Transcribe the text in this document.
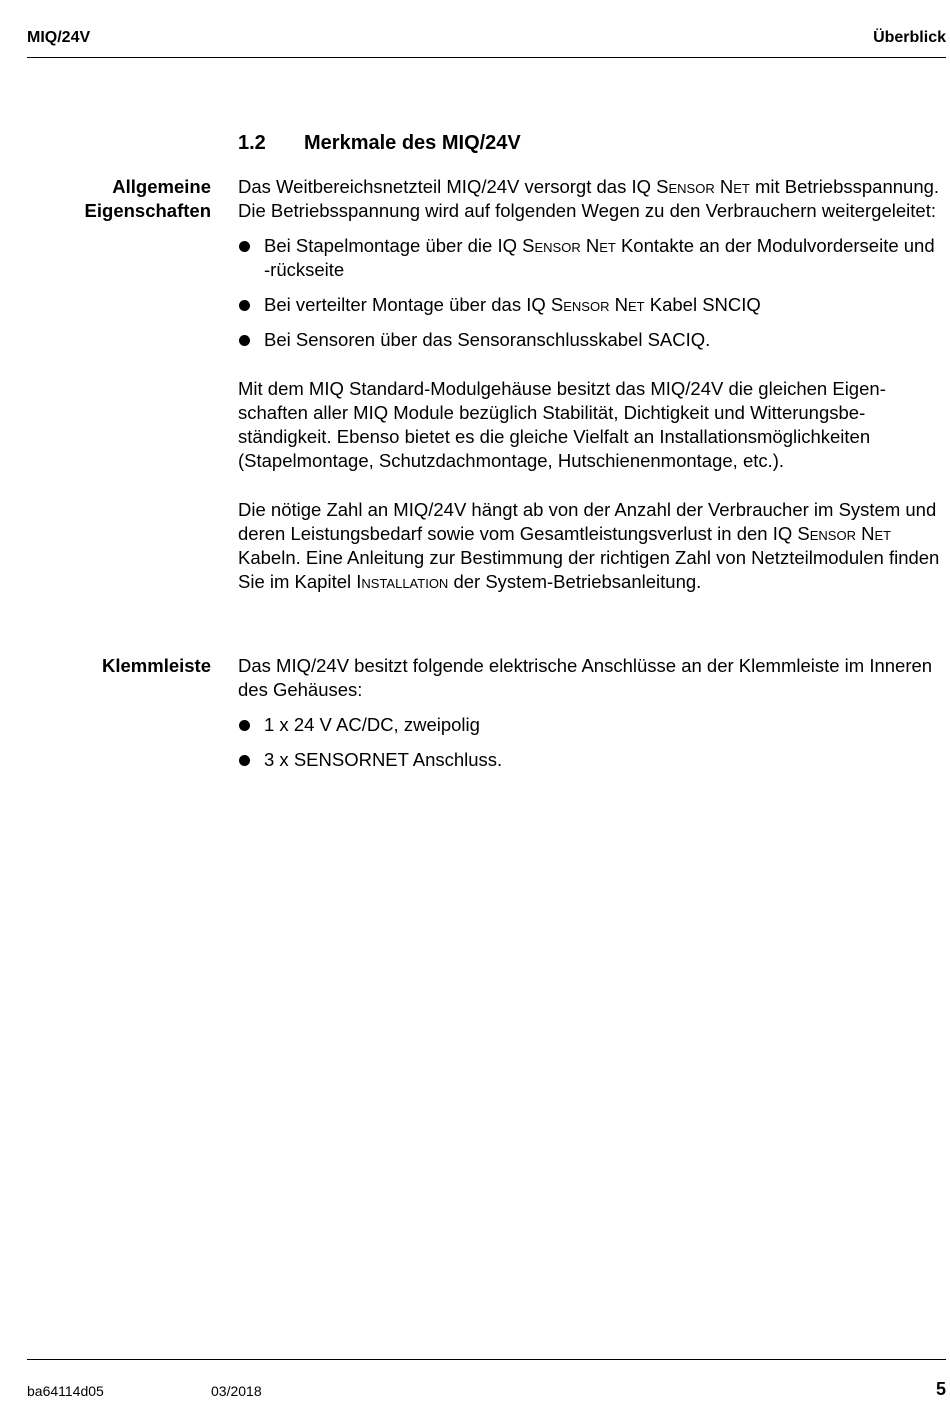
MIQ/24V	Überblick
1.2 Merkmale des MIQ/24V
Allgemeine
Eigenschaften

Das Weitbereichsnetzteil MIQ/24V versorgt das IQ Sensor Net mit Betriebsspannung. Die Betriebsspannung wird auf folgenden Wegen zu den Verbrauchern weitergeleitet:

Bei Stapelmontage über die IQ Sensor Net Kontakte an der Modulvorderseite und -rückseite
Bei verteilter Montage über das IQ Sensor Net Kabel SNCIQ
Bei Sensoren über das Sensoranschlusskabel SACIQ.

Mit dem MIQ Standard-Modulgehäuse besitzt das MIQ/24V die gleichen Eigenschaften aller MIQ Module bezüglich Stabilität, Dichtigkeit und Witterungsbeständigkeit. Ebenso bietet es die gleiche Vielfalt an Installationsmöglichkeiten (Stapelmontage, Schutzdachmontage, Hutschienenmontage, etc.).

Die nötige Zahl an MIQ/24V hängt ab von der Anzahl der Verbraucher im System und deren Leistungsbedarf sowie vom Gesamtleistungsverlust in den IQ Sensor Net Kabeln. Eine Anleitung zur Bestimmung der richtigen Zahl von Netzteilmodulen finden Sie im Kapitel Installation der System-Betriebsanleitung.

Klemmleiste Das MIQ/24V besitzt folgende elektrische Anschlüsse an der Klemmleiste im Inneren des Gehäuses:

1 x 24 V AC/DC, zweipolig
3 x SENSORNET Anschluss.
ba64114d05	03/2018	5
